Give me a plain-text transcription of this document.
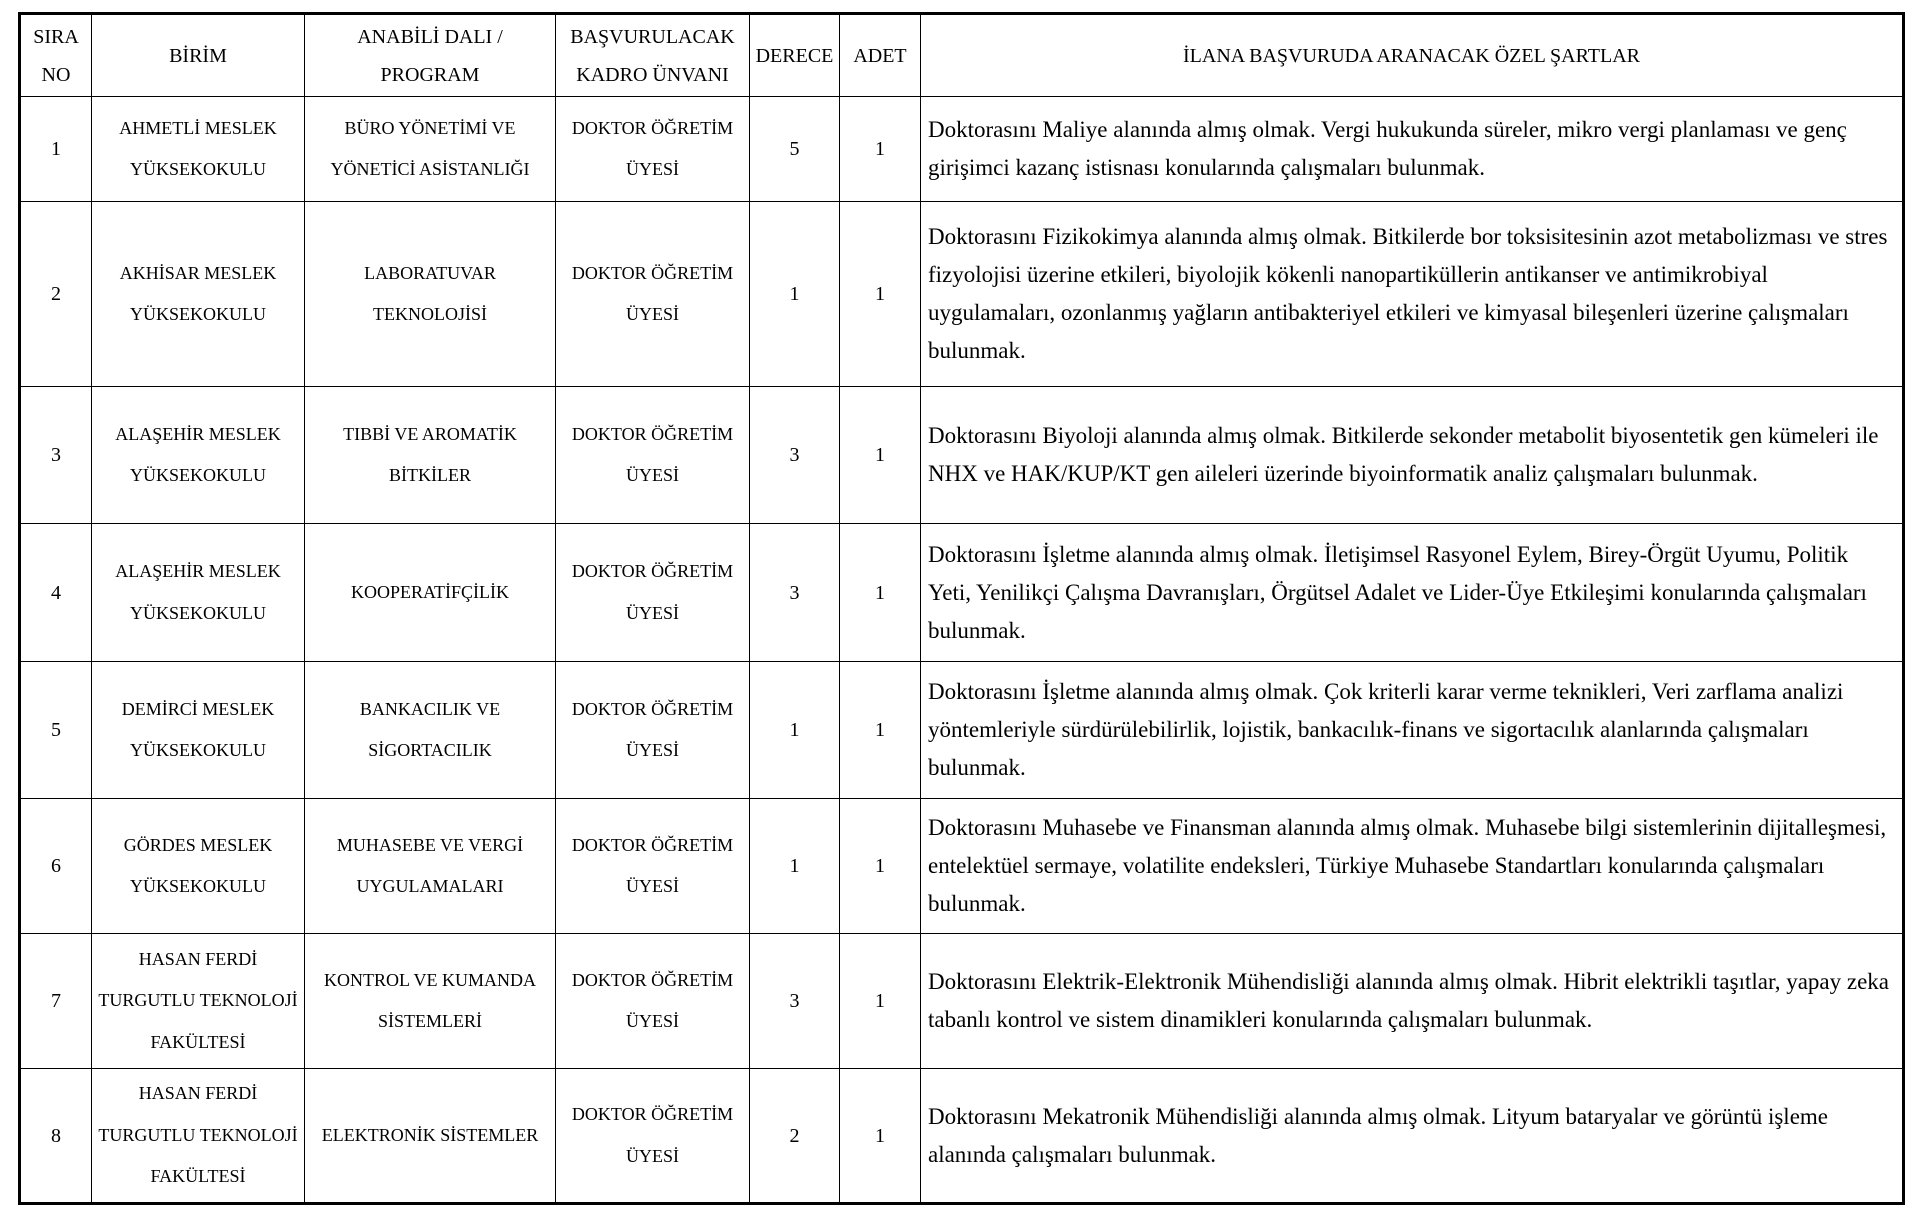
SIRA NO	BİRİM	ANABİLİ DALI / PROGRAM	BAŞVURULACAK KADRO ÜNVANI	DERECE	ADET	İLANA BAŞVURUDA ARANACAK ÖZEL ŞARTLAR
1	AHMETLİ MESLEK YÜKSEKOKULU	BÜRO YÖNETİMİ VE YÖNETİCİ ASİSTANLIĞI	DOKTOR ÖĞRETİM ÜYESİ	5	1	Doktorasını Maliye alanında almış olmak. Vergi hukukunda süreler, mikro vergi planlaması ve genç girişimci kazanç istisnası konularında çalışmaları bulunmak.
2	AKHİSAR MESLEK YÜKSEKOKULU	LABORATUVAR TEKNOLOJİSİ	DOKTOR ÖĞRETİM ÜYESİ	1	1	Doktorasını Fizikokimya alanında almış olmak. Bitkilerde bor toksisitesinin azot metabolizması ve stres fizyolojisi üzerine etkileri, biyolojik kökenli nanopartiküllerin antikanser ve antimikrobiyal uygulamaları, ozonlanmış yağların antibakteriyel etkileri ve kimyasal bileşenleri üzerine çalışmaları bulunmak.
3	ALAŞEHİR MESLEK YÜKSEKOKULU	TIBBİ VE AROMATİK BİTKİLER	DOKTOR ÖĞRETİM ÜYESİ	3	1	Doktorasını Biyoloji alanında almış olmak. Bitkilerde sekonder metabolit biyosentetik gen kümeleri ile NHX ve HAK/KUP/KT gen aileleri üzerinde biyoinformatik analiz çalışmaları bulunmak.
4	ALAŞEHİR MESLEK YÜKSEKOKULU	KOOPERATİFÇİLİK	DOKTOR ÖĞRETİM ÜYESİ	3	1	Doktorasını İşletme alanında almış olmak. İletişimsel Rasyonel Eylem, Birey-Örgüt Uyumu, Politik Yeti, Yenilikçi Çalışma Davranışları, Örgütsel Adalet ve Lider-Üye Etkileşimi konularında çalışmaları bulunmak.
5	DEMİRCİ MESLEK YÜKSEKOKULU	BANKACILIK VE SİGORTACILIK	DOKTOR ÖĞRETİM ÜYESİ	1	1	Doktorasını İşletme alanında almış olmak. Çok kriterli karar verme teknikleri, Veri zarflama analizi yöntemleriyle sürdürülebilirlik, lojistik, bankacılık-finans ve sigortacılık alanlarında çalışmaları bulunmak.
6	GÖRDES MESLEK YÜKSEKOKULU	MUHASEBE VE VERGİ UYGULAMALARI	DOKTOR ÖĞRETİM ÜYESİ	1	1	Doktorasını Muhasebe ve Finansman alanında almış olmak. Muhasebe bilgi sistemlerinin dijitalleşmesi, entelektüel sermaye, volatilite endeksleri, Türkiye Muhasebe Standartları konularında çalışmaları bulunmak.
7	HASAN FERDİ TURGUTLU TEKNOLOJİ FAKÜLTESİ	KONTROL VE KUMANDA SİSTEMLERİ	DOKTOR ÖĞRETİM ÜYESİ	3	1	Doktorasını Elektrik-Elektronik Mühendisliği alanında almış olmak. Hibrit elektrikli taşıtlar, yapay zeka tabanlı kontrol ve sistem dinamikleri konularında çalışmaları bulunmak.
8	HASAN FERDİ TURGUTLU TEKNOLOJİ FAKÜLTESİ	ELEKTRONİK SİSTEMLER	DOKTOR ÖĞRETİM ÜYESİ	2	1	Doktorasını Mekatronik Mühendisliği alanında almış olmak. Lityum bataryalar ve görüntü işleme alanında çalışmaları bulunmak.
